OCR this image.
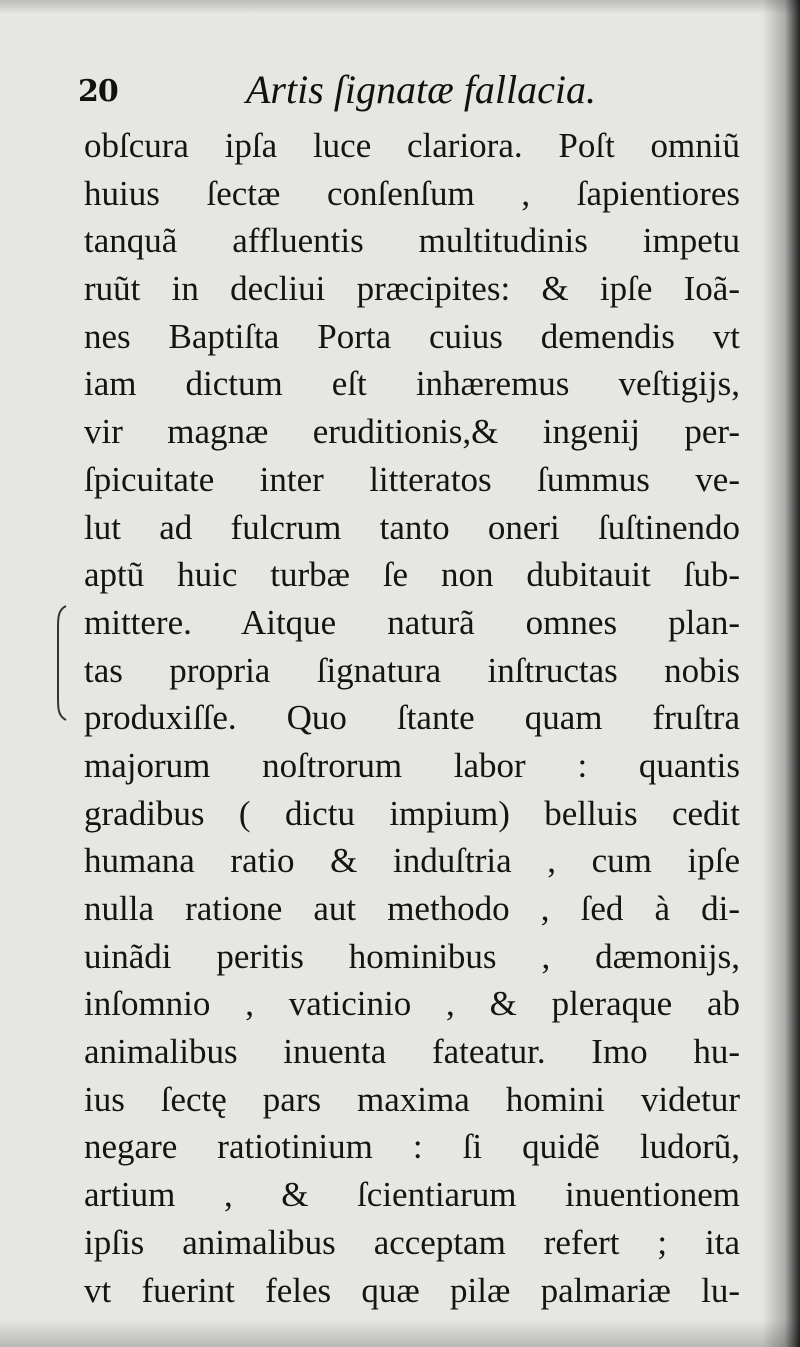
20	Artis ſignatæ fallacia.
obſcura ipſa luce clariora. Poſt omniũ
huius ſectæ conſenſum , ſapientiores
tanquã affluentis multitudinis impetu
ruũt in decliui præcipites: & ipſe Ioã-
nes Baptiſta Porta cuius demendis vt
iam dictum eſt inhæremus veſtigijs,
vir magnæ eruditionis,& ingenij per-
ſpicuitate inter litteratos ſummus ve-
lut ad fulcrum tanto oneri ſuſtinendo
aptũ huic turbæ ſe non dubitauit ſub-
mittere. Aitque naturã omnes plan-
tas propria ſignatura inſtructas nobis
produxiſſe. Quo ſtante quam fruſtra
majorum noſtrorum labor : quantis
gradibus ( dictu impium) belluis cedit
humana ratio & induſtria , cum ipſe
nulla ratione aut methodo , ſed à di-
uinãdi peritis hominibus , dæmonijs,
inſomnio , vaticinio , & pleraque ab
animalibus inuenta fateatur. Imo hu-
ius ſectę pars maxima homini videtur
negare ratiotinium : ſi quidẽ ludorũ,
artium , & ſcientiarum inuentionem
ipſis animalibus acceptam refert ; ita
vt fuerint feles quæ pilæ palmariæ lu-
